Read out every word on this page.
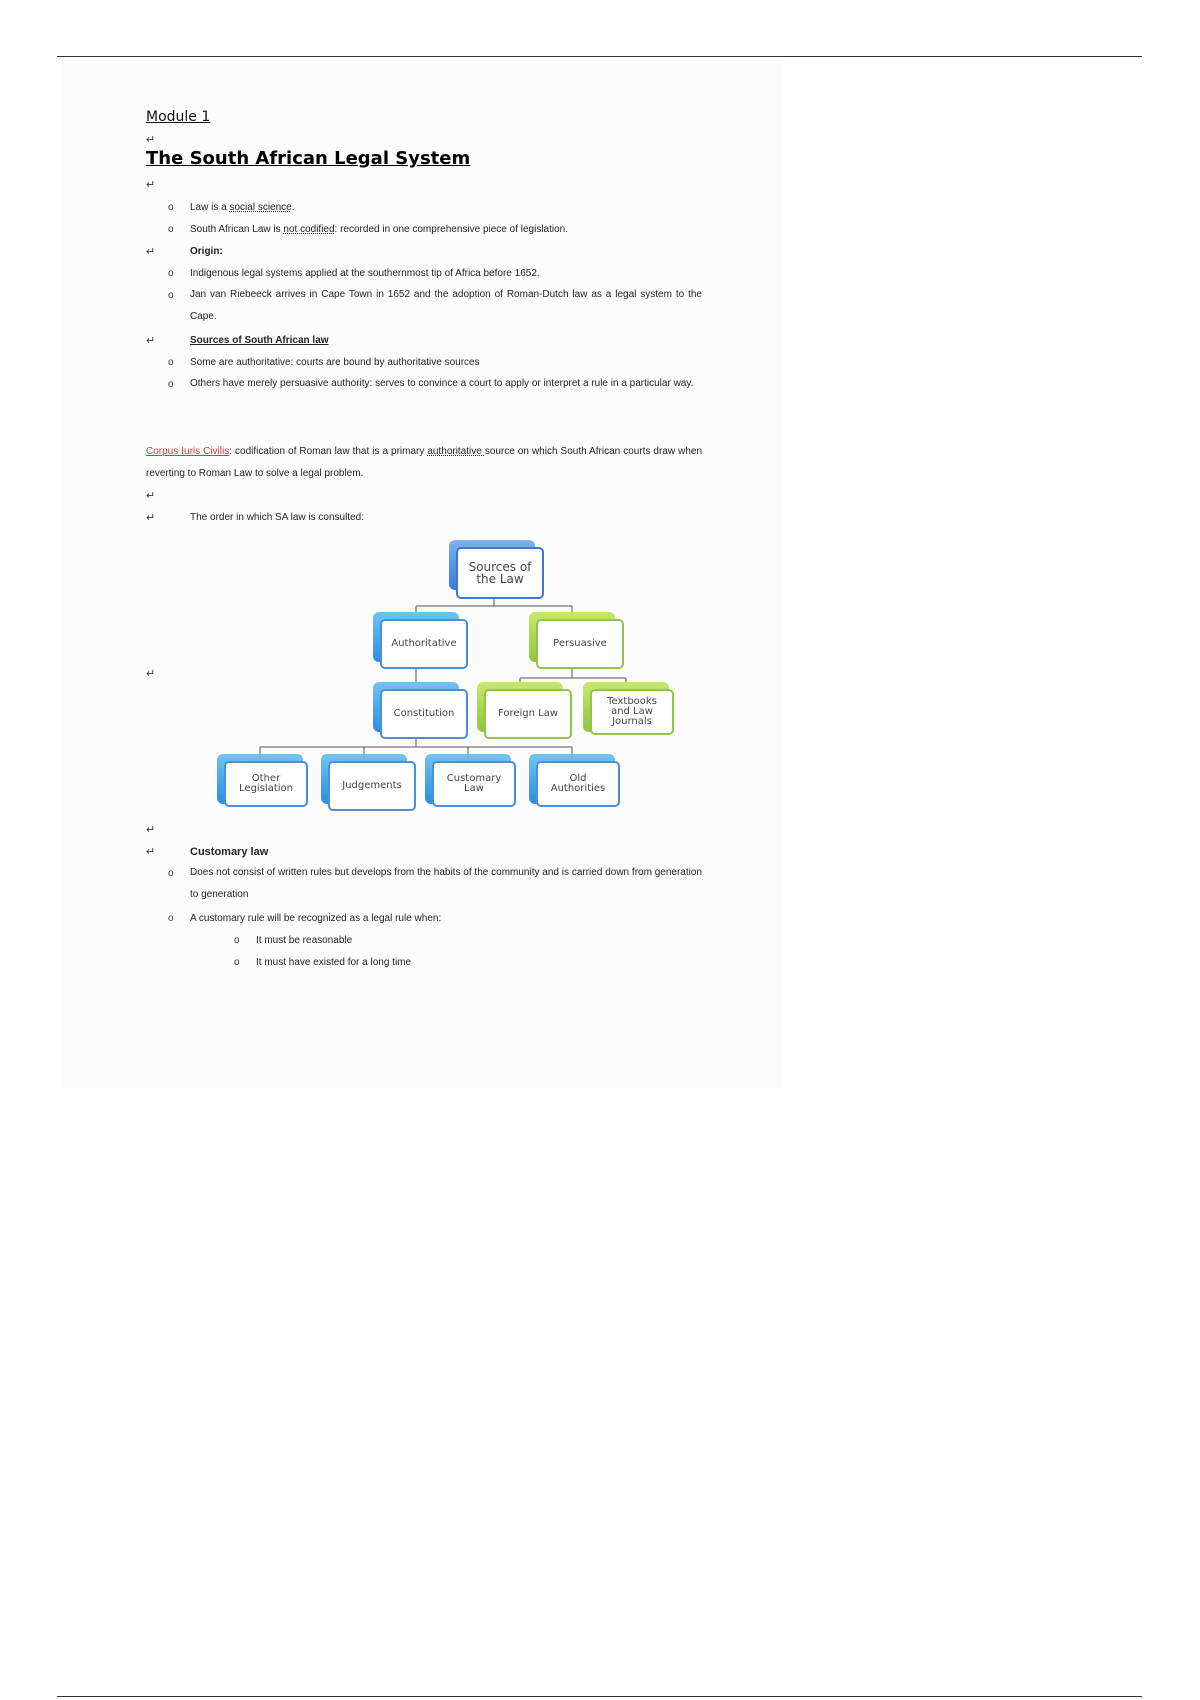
Module 1
↵
The South African Legal System
↵
o Law is a social science.
o South African Law is not codified: recorded in one comprehensive piece of legislation.
↵	Origin:
o Indigenous legal systems applied at the southernmost tip of Africa before 1652.
o Jan van Riebeeck arrives in Cape Town in 1652 and the adoption of Roman-Dutch law as a legal system to the Cape.
↵	Sources of South African law
o Some are authoritative: courts are bound by authoritative sources
o Others have merely persuasive authority: serves to convince a court to apply or interpret a rule in a particular way.
Corpus Iuris Civilis: codification of Roman law that is a primary authoritative source on which South African courts draw when reverting to Roman Law to solve a legal problem.
↵
↵	The order in which SA law is consulted:
↵
↵
↵	Customary law
o Does not consist of written rules but develops from the habits of the community and is carried down from generation to generation
o A customary rule will be recognized as a legal rule when:
o It must be reasonable
o It must have existed for a long time
Sources of the Law
Authoritative	Persuasive
Constitution	Foreign Law
Textbooks and Law Journals
Other Legislation	Judgements
Customary Law
Old Authorities
